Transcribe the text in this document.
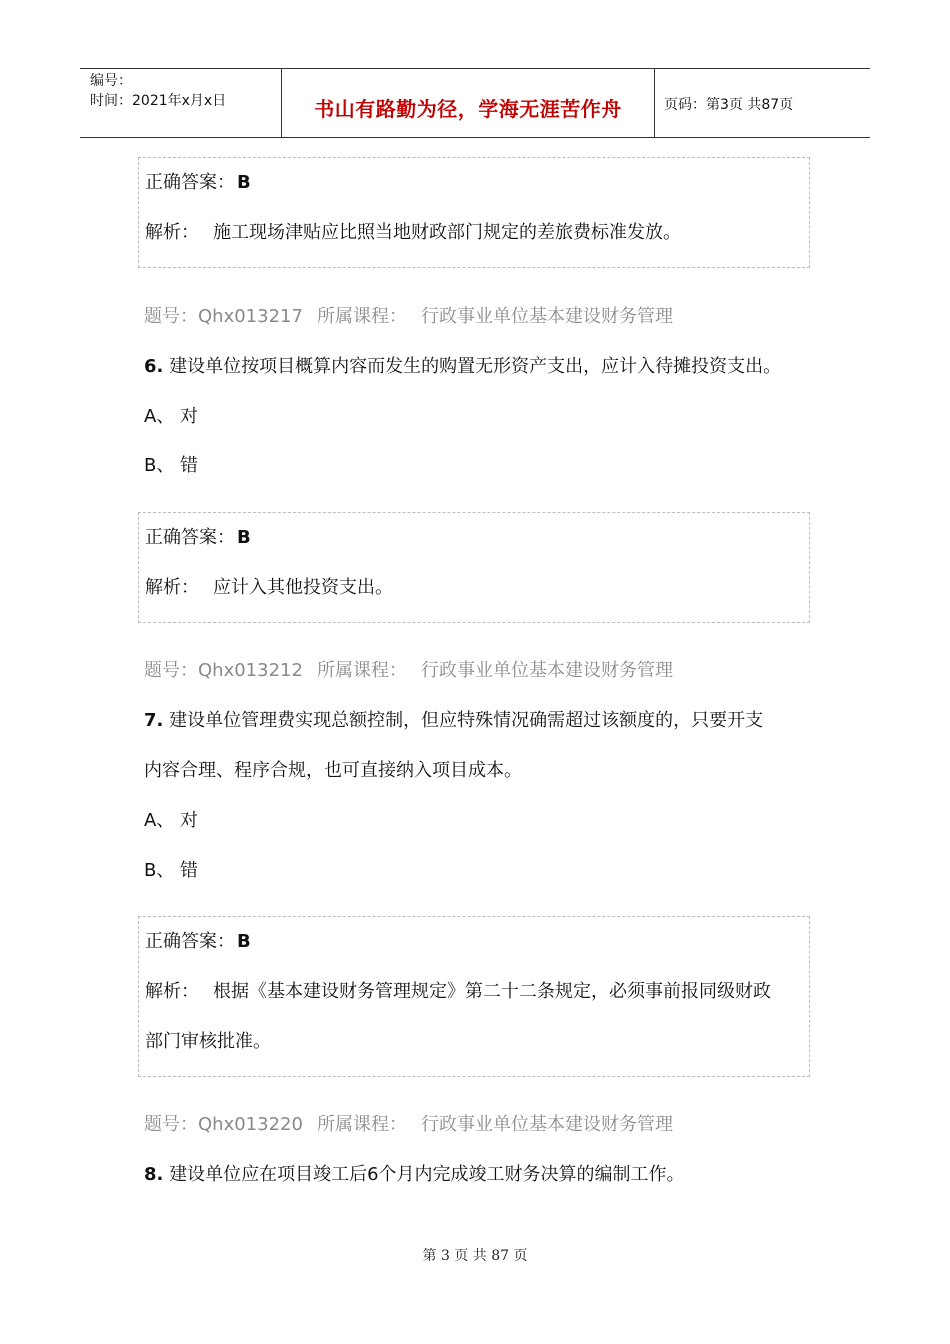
编号：
时间：2021年x月x日	书山有路勤为径，学海无涯苦作舟	页码：第3页 共87页
正确答案： B
解析： 施工现场津贴应比照当地财政部门规定的差旅费标准发放。
题号：Qhx013217 所属课程： 行政事业单位基本建设财务管理
6. 建设单位按项目概算内容而发生的购置无形资产支出，应计入待摊投资支出。
A、 对
B、 错
正确答案： B
解析： 应计入其他投资支出。
题号：Qhx013212 所属课程： 行政事业单位基本建设财务管理
7. 建设单位管理费实现总额控制，但应特殊情况确需超过该额度的，只要开支
内容合理、程序合规，也可直接纳入项目成本。
A、 对
B、 错
正确答案： B
解析： 根据《基本建设财务管理规定》第二十二条规定，必须事前报同级财政
部门审核批准。
题号：Qhx013220 所属课程： 行政事业单位基本建设财务管理
8. 建设单位应在项目竣工后6个月内完成竣工财务决算的编制工作。
第 3 页 共 87 页
